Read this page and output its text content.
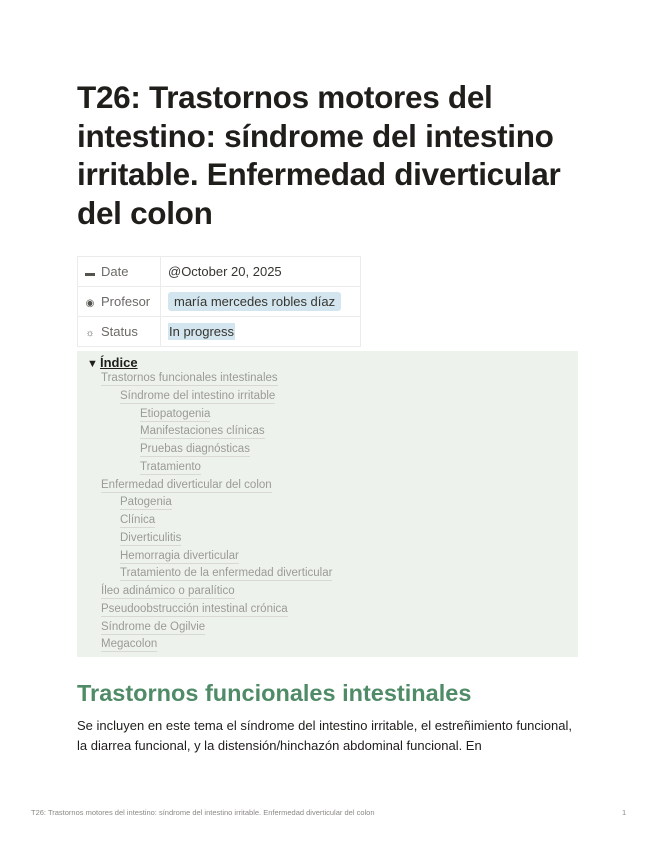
T26: Trastornos motores del intestino: síndrome del intestino irritable. Enfermedad diverticular del colon
▬ Date	@October 20, 2025
◉ Profesor	maría mercedes robles díaz
☼ Status	In progress
▼ Índice
Trastornos funcionales intestinales
Síndrome del intestino irritable
Etiopatogenia
Manifestaciones clínicas
Pruebas diagnósticas
Tratamiento
Enfermedad diverticular del colon
Patogenia
Clínica
Diverticulitis
Hemorragia diverticular
Tratamiento de la enfermedad diverticular
Íleo adinámico o paralítico
Pseudoobstrucción intestinal crónica
Síndrome de Ogilvie
Megacolon
Trastornos funcionales intestinales

Se incluyen en este tema el síndrome del intestino irritable, el estreñimiento funcional, la diarrea funcional, y la distensión/hinchazón abdominal funcional. En

T26: Trastornos motores del intestino: síndrome del intestino irritable. Enfermedad diverticular del colon	1
